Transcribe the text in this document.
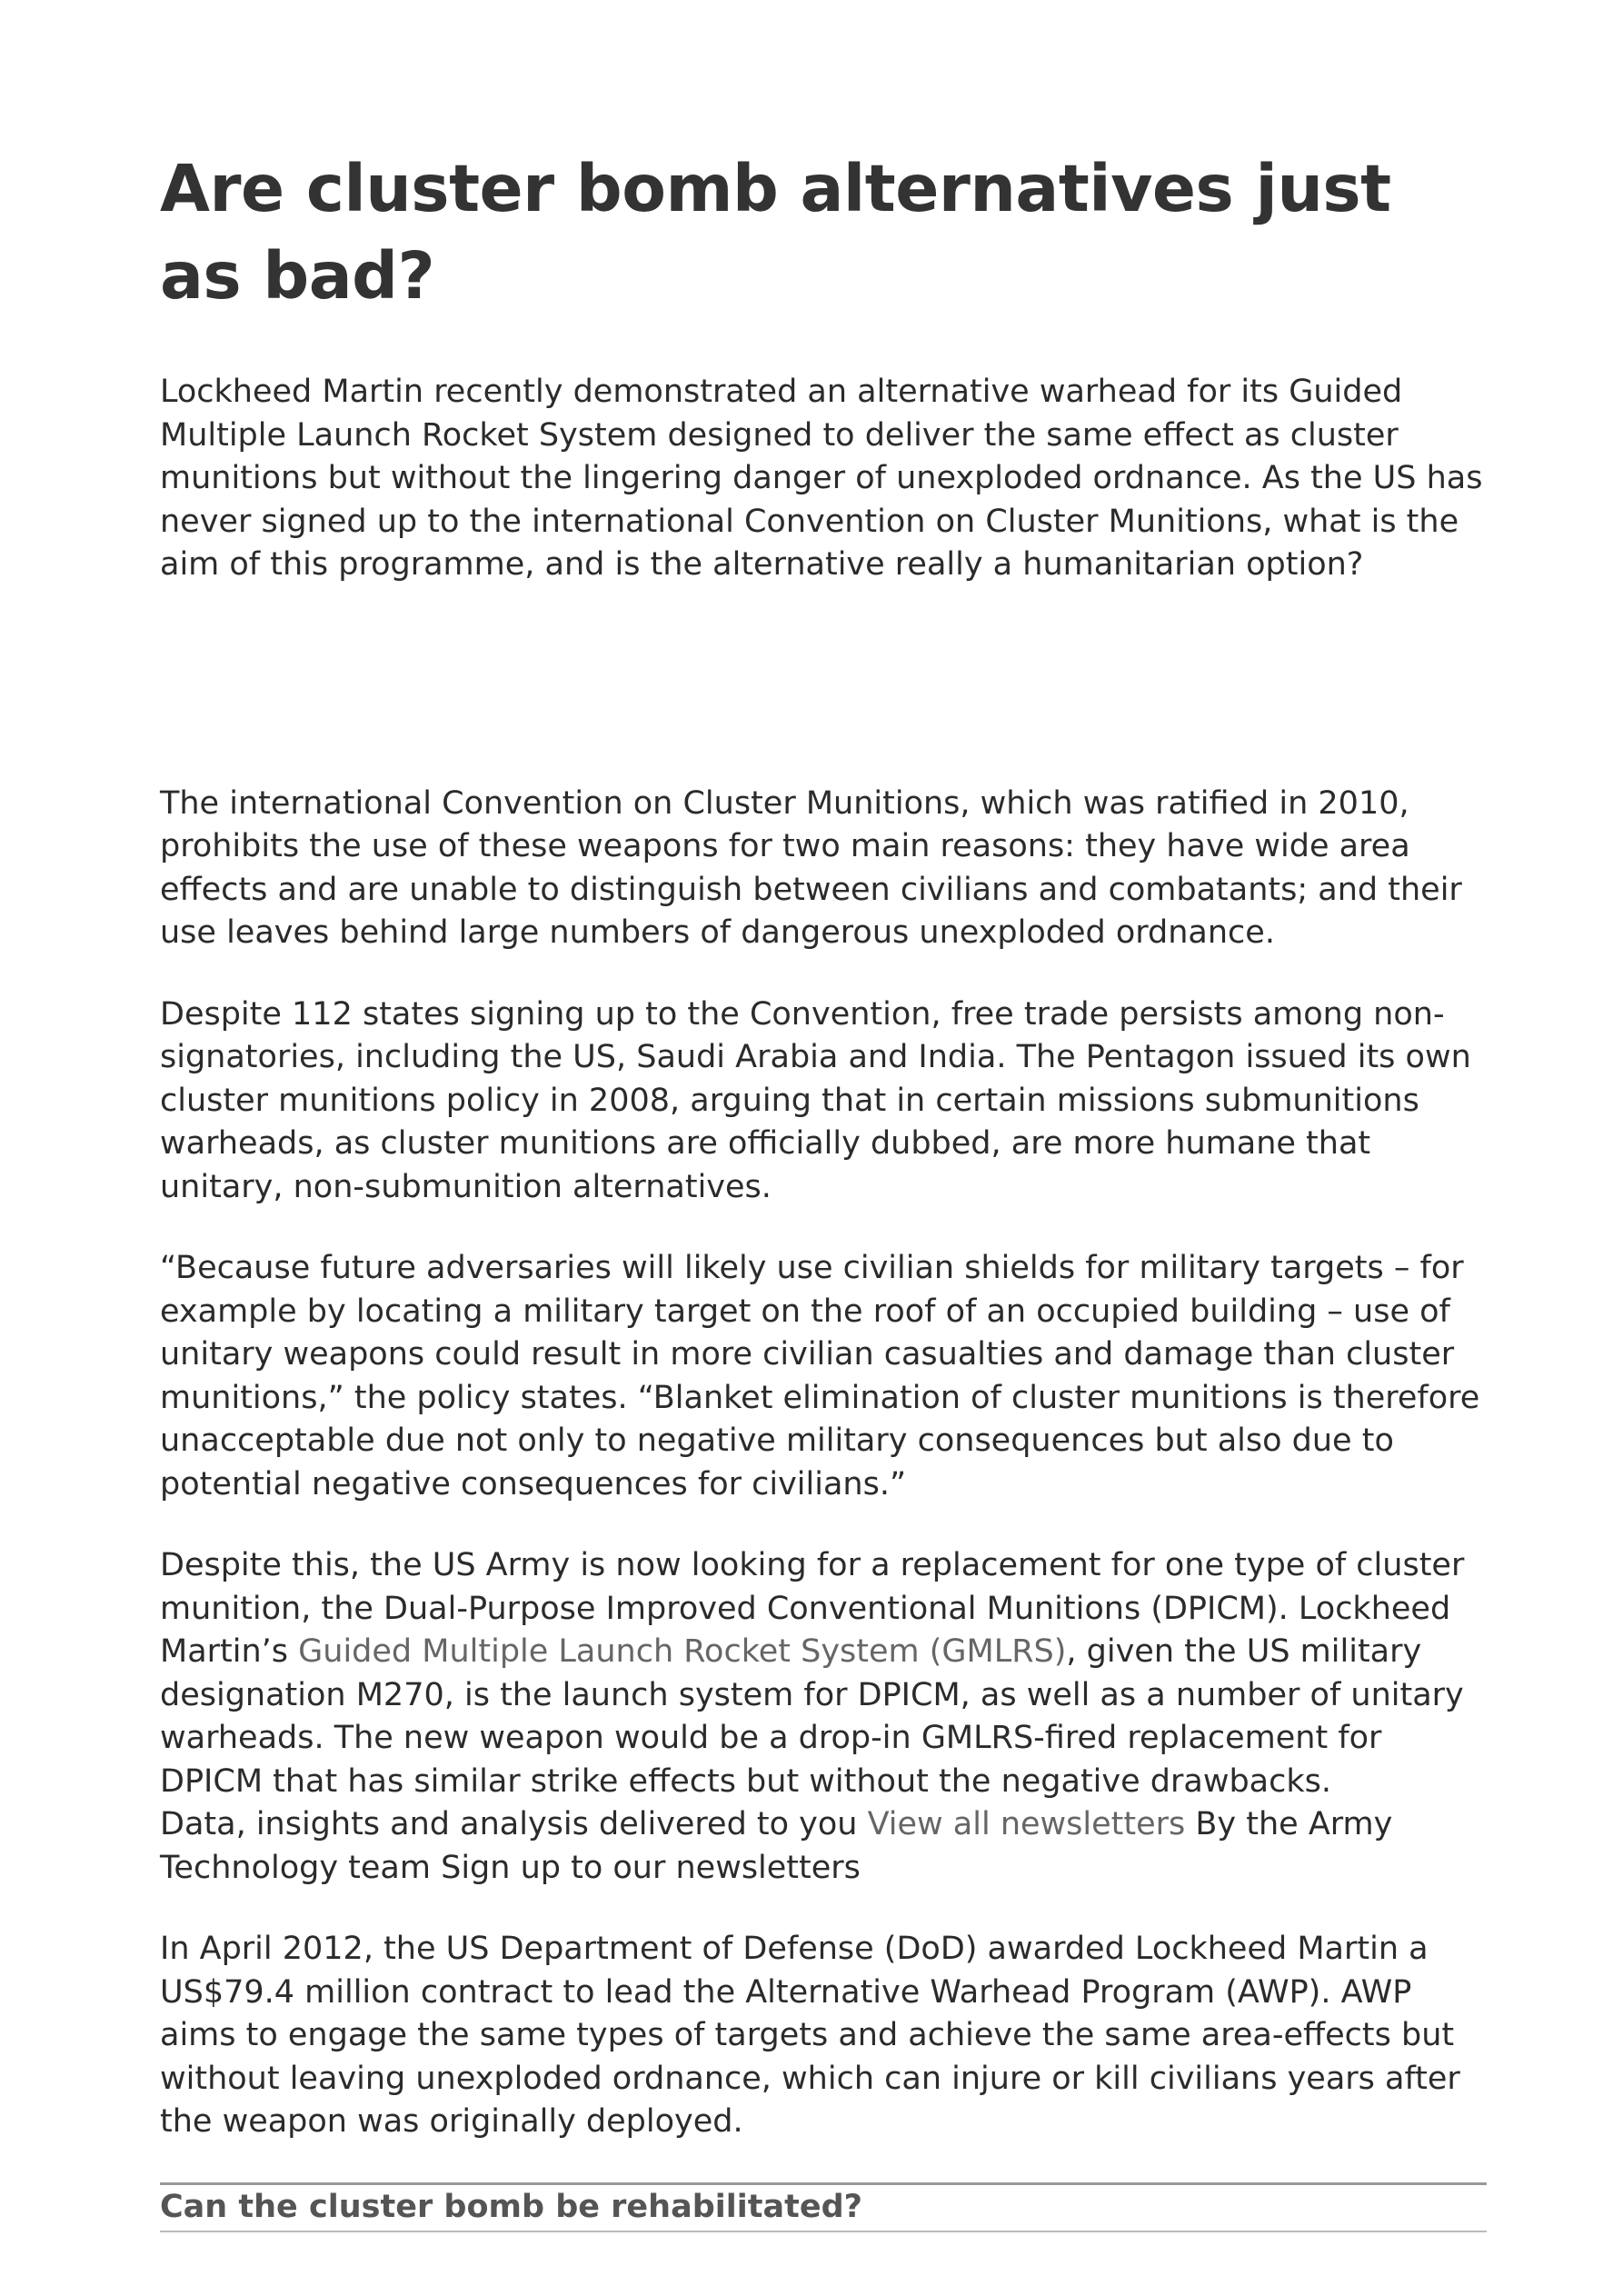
Are cluster bomb alternatives just as bad?

Lockheed Martin recently demonstrated an alternative warhead for its Guided Multiple Launch Rocket System designed to deliver the same effect as cluster munitions but without the lingering danger of unexploded ordnance. As the US has never signed up to the international Convention on Cluster Munitions, what is the aim of this programme, and is the alternative really a humanitarian option?

The international Convention on Cluster Munitions, which was ratified in 2010, prohibits the use of these weapons for two main reasons: they have wide area effects and are unable to distinguish between civilians and combatants; and their use leaves behind large numbers of dangerous unexploded ordnance.

Despite 112 states signing up to the Convention, free trade persists among non-signatories, including the US, Saudi Arabia and India. The Pentagon issued its own cluster munitions policy in 2008, arguing that in certain missions submunitions warheads, as cluster munitions are officially dubbed, are more humane that unitary, non-submunition alternatives.

“Because future adversaries will likely use civilian shields for military targets – for example by locating a military target on the roof of an occupied building – use of unitary weapons could result in more civilian casualties and damage than cluster munitions,” the policy states. “Blanket elimination of cluster munitions is therefore unacceptable due not only to negative military consequences but also due to potential negative consequences for civilians.”

Despite this, the US Army is now looking for a replacement for one type of cluster munition, the Dual-Purpose Improved Conventional Munitions (DPICM). Lockheed Martin’s Guided Multiple Launch Rocket System (GMLRS), given the US military designation M270, is the launch system for DPICM, as well as a number of unitary warheads. The new weapon would be a drop-in GMLRS-fired replacement for DPICM that has similar strike effects but without the negative drawbacks.

Data, insights and analysis delivered to you View all newsletters By the Army Technology team Sign up to our newsletters

In April 2012, the US Department of Defense (DoD) awarded Lockheed Martin a US$79.4 million contract to lead the Alternative Warhead Program (AWP). AWP aims to engage the same types of targets and achieve the same area-effects but without leaving unexploded ordnance, which can injure or kill civilians years after the weapon was originally deployed.

Can the cluster bomb be rehabilitated?
